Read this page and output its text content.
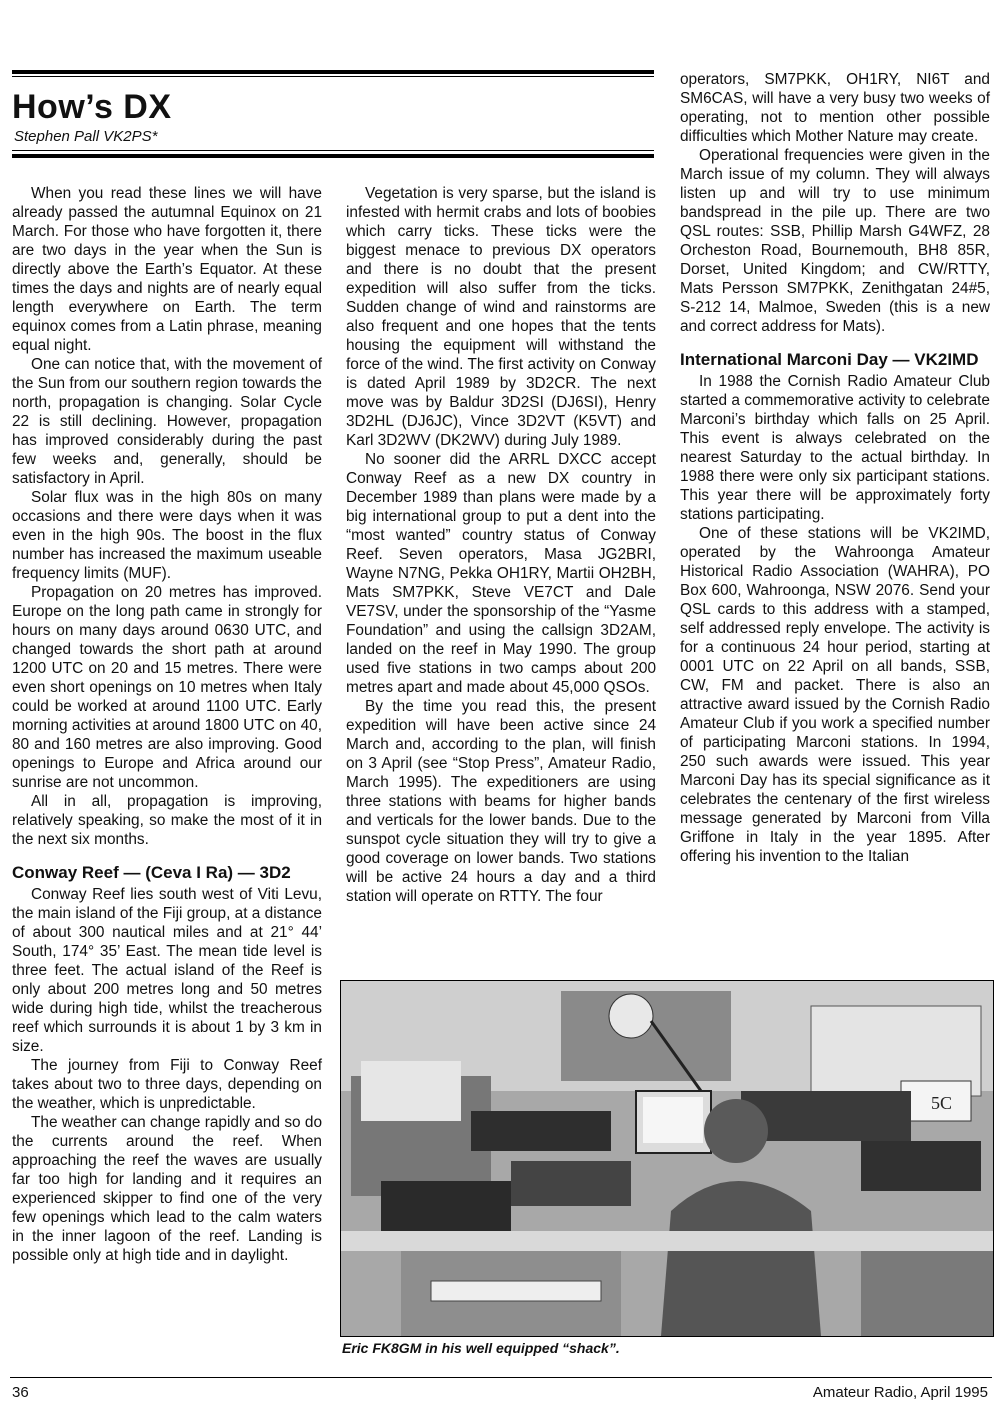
How’s DX
Stephen Pall VK2PS*

When you read these lines we will have already passed the autumnal Equinox on 21 March. For those who have forgotten it, there are two days in the year when the Sun is directly above the Earth’s Equator. At these times the days and nights are of nearly equal length everywhere on Earth. The term equinox comes from a Latin phrase, meaning equal night.

One can notice that, with the movement of the Sun from our southern region towards the north, propagation is changing. Solar Cycle 22 is still declining. However, propagation has improved considerably during the past few weeks and, generally, should be satisfactory in April.

Solar flux was in the high 80s on many occasions and there were days when it was even in the high 90s. The boost in the flux number has increased the maximum useable frequency limits (MUF).

Propagation on 20 metres has improved. Europe on the long path came in strongly for hours on many days around 0630 UTC, and changed towards the short path at around 1200 UTC on 20 and 15 metres. There were even short openings on 10 metres when Italy could be worked at around 1100 UTC. Early morning activities at around 1800 UTC on 40, 80 and 160 metres are also improving. Good openings to Europe and Africa around our sunrise are not uncommon.

All in all, propagation is improving, relatively speaking, so make the most of it in the next six months.

Conway Reef — (Ceva I Ra) — 3D2

Conway Reef lies south west of Viti Levu, the main island of the Fiji group, at a distance of about 300 nautical miles and at 21° 44’ South, 174° 35’ East. The mean tide level is three feet. The actual island of the Reef is only about 200 metres long and 50 metres wide during high tide, whilst the treacherous reef which surrounds it is about 1 by 3 km in size.

The journey from Fiji to Conway Reef takes about two to three days, depending on the weather, which is unpredictable.

The weather can change rapidly and so do the currents around the reef. When approaching the reef the waves are usually far too high for landing and it requires an experienced skipper to find one of the very few openings which lead to the calm waters in the inner lagoon of the reef. Landing is possible only at high tide and in daylight.

Vegetation is very sparse, but the island is infested with hermit crabs and lots of boobies which carry ticks. These ticks were the biggest menace to previous DX operators and there is no doubt that the present expedition will also suffer from the ticks. Sudden change of wind and rainstorms are also frequent and one hopes that the tents housing the equipment will withstand the force of the wind. The first activity on Conway is dated April 1989 by 3D2CR. The next move was by Baldur 3D2SI (DJ6SI), Henry 3D2HL (DJ6JC), Vince 3D2VT (K5VT) and Karl 3D2WV (DK2WV) during July 1989.

No sooner did the ARRL DXCC accept Conway Reef as a new DX country in December 1989 than plans were made by a big international group to put a dent into the “most wanted” country status of Conway Reef. Seven operators, Masa JG2BRI, Wayne N7NG, Pekka OH1RY, Martii OH2BH, Mats SM7PKK, Steve VE7CT and Dale VE7SV, under the sponsorship of the “Yasme Foundation” and using the callsign 3D2AM, landed on the reef in May 1990. The group used five stations in two camps about 200 metres apart and made about 45,000 QSOs.

By the time you read this, the present expedition will have been active since 24 March and, according to the plan, will finish on 3 April (see “Stop Press”, Amateur Radio, March 1995). The expeditioners are using three stations with beams for higher bands and verticals for the lower bands. Due to the sunspot cycle situation they will try to give a good coverage on lower bands. Two stations will be active 24 hours a day and a third station will operate on RTTY. The four

operators, SM7PKK, OH1RY, NI6T and SM6CAS, will have a very busy two weeks of operating, not to mention other possible difficulties which Mother Nature may create.

Operational frequencies were given in the March issue of my column. They will always listen up and will try to use minimum bandspread in the pile up. There are two QSL routes: SSB, Phillip Marsh G4WFZ, 28 Orcheston Road, Bournemouth, BH8 85R, Dorset, United Kingdom; and CW/RTTY, Mats Persson SM7PKK, Zenithgatan 24#5, S-212 14, Malmoe, Sweden (this is a new and correct address for Mats).

International Marconi Day — VK2IMD

In 1988 the Cornish Radio Amateur Club started a commemorative activity to celebrate Marconi’s birthday which falls on 25 April. This event is always celebrated on the nearest Saturday to the actual birthday. In 1988 there were only six participant stations. This year there will be approximately forty stations participating.

One of these stations will be VK2IMD, operated by the Wahroonga Amateur Historical Radio Association (WAHRA), PO Box 600, Wahroonga, NSW 2076. Send your QSL cards to this address with a stamped, self addressed reply envelope. The activity is for a continuous 24 hour period, starting at 0001 UTC on 22 April on all bands, SSB, CW, FM and packet. There is also an attractive award issued by the Cornish Radio Amateur Club if you work a specified number of participating Marconi stations. In 1994, 250 such awards were issued. This year Marconi Day has its special significance as it celebrates the centenary of the first wireless message generated by Marconi from Villa Griffone in Italy in the year 1895. After offering his invention to the Italian

5C
Eric FK8GM in his well equipped “shack”.
36	Amateur Radio, April 1995
